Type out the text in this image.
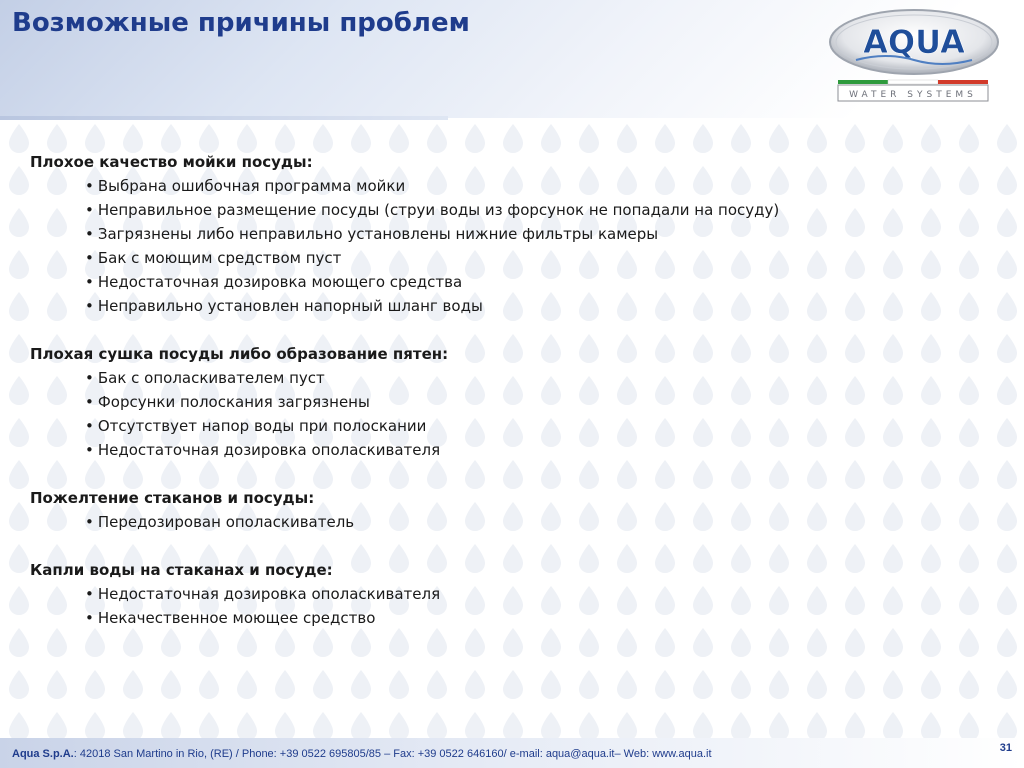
Возможные причины проблем	AQUA
WATER SYSTEMS
Плохое качество мойки посуды:
• Выбрана ошибочная программа мойки
• Неправильное размещение посуды (струи воды из форсунок не попадали на посуду)
• Загрязнены либо неправильно установлены нижние фильтры камеры
• Бак с моющим средством пуст
• Недостаточная дозировка моющего средства
• Неправильно установлен напорный шланг воды
Плохая сушка посуды либо образование пятен:
• Бак с ополаскивателем пуст
• Форсунки полоскания загрязнены
• Отсутствует напор воды при полоскании
• Недостаточная дозировка ополаскивателя
Пожелтение стаканов и посуды:
• Передозирован ополаскиватель
Капли воды на стаканах и посуде:
• Недостаточная дозировка ополаскивателя
• Некачественное моющее средство
Aqua S.p.A.: 42018 San Martino in Rio, (RE) / Phone: +39 0522 695805/85 – Fax: +39 0522 646160/ e-mail: aqua@aqua.it– Web: www.aqua.it	31
